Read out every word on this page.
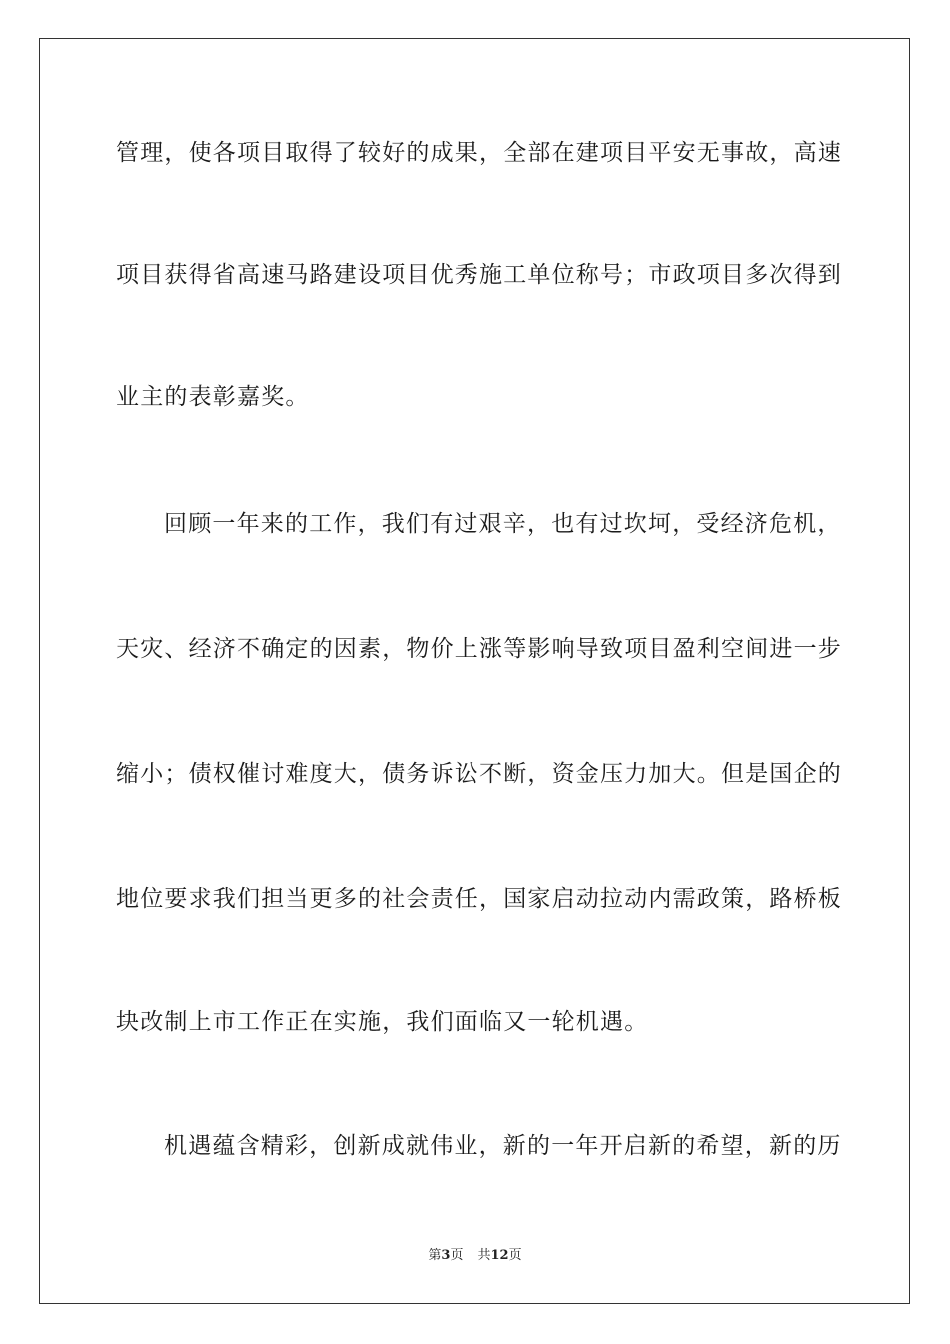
管理，使各项目取得了较好的成果，全部在建项目平安无事故，高速
项目获得省高速马路建设项目优秀施工单位称号；市政项目多次得到
业主的表彰嘉奖。
回顾一年来的工作，我们有过艰辛，也有过坎坷，受经济危机，
天灾、经济不确定的因素，物价上涨等影响导致项目盈利空间进一步
缩小；债权催讨难度大，债务诉讼不断，资金压力加大。但是国企的
地位要求我们担当更多的社会责任，国家启动拉动内需政策，路桥板
块改制上市工作正在实施，我们面临又一轮机遇。
机遇蕴含精彩，创新成就伟业，新的一年开启新的希望，新的历
第3页 共12页
